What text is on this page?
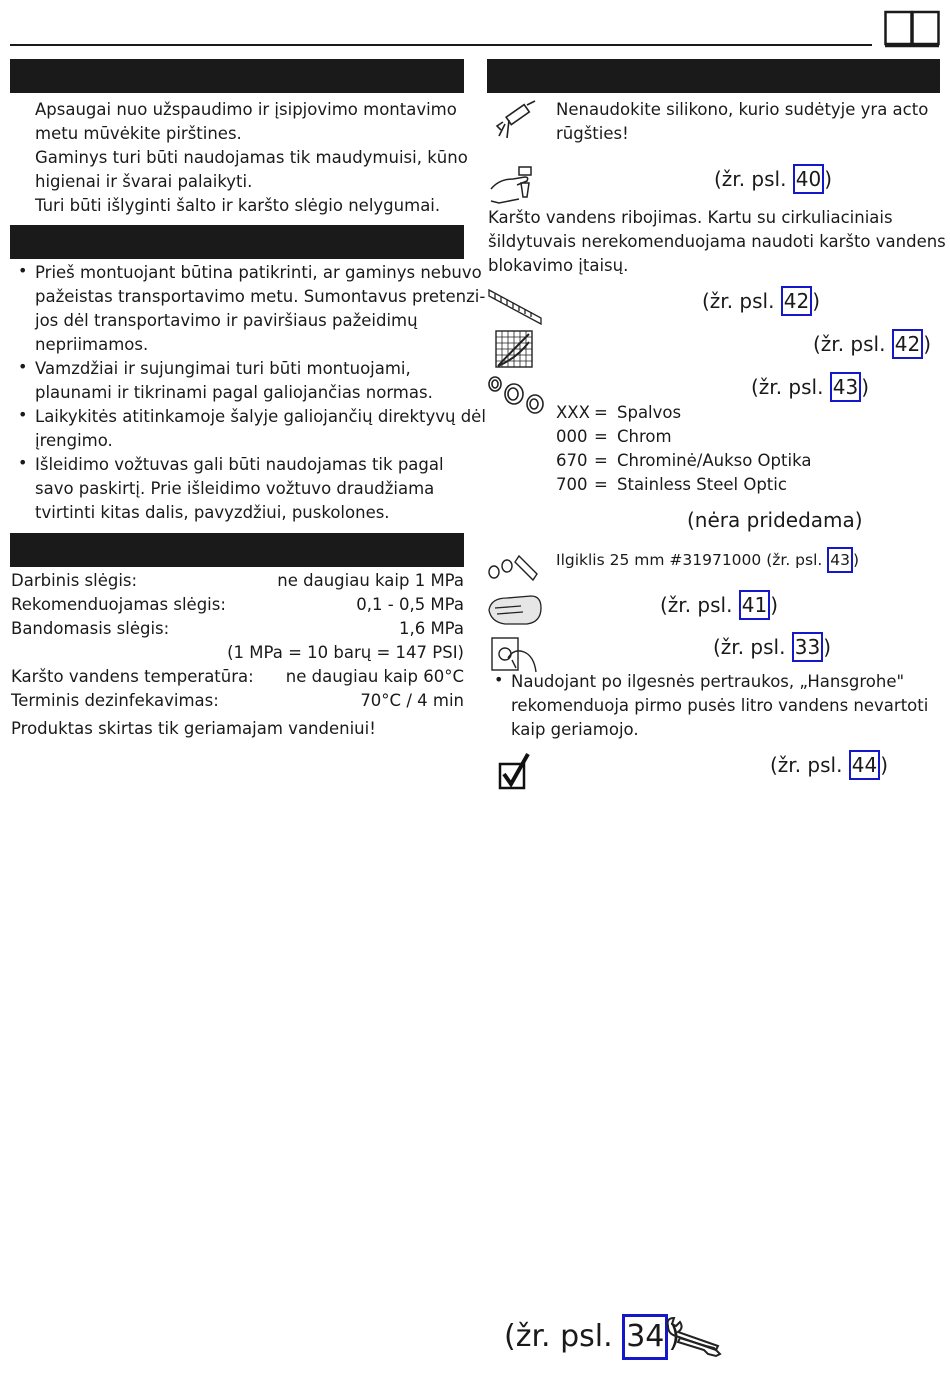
Apsaugai nuo užspaudimo ir įsipjovimo montavimo
metu mūvėkite pirštines.
Gaminys turi būti naudojamas tik maudymuisi, kūno
higienai ir švarai palaikyti.
Turi būti išlyginti šalto ir karšto slėgio nelygumai.
• Prieš montuojant būtina patikrinti, ar gaminys nebuvo
pažeistas transportavimo metu. Sumontavus pretenzi-
jos dėl transportavimo ir paviršiaus pažeidimų
nepriimamos.
• Vamzdžiai ir sujungimai turi būti montuojami,
plaunami ir tikrinami pagal galiojančias normas.
• Laikykitės atitinkamoje šalyje galiojančių direktyvų dėl
įrengimo.
• Išleidimo vožtuvas gali būti naudojamas tik pagal
savo paskirtį. Prie išleidimo vožtuvo draudžiama
tvirtinti kitas dalis, pavyzdžiui, puskolones.
Darbinis slėgis:	ne daugiau kaip 1 MPa
Rekomenduojamas slėgis:	0,1 - 0,5 MPa
Bandomasis slėgis:	1,6 MPa
(1 MPa = 10 barų = 147 PSI)
Karšto vandens temperatūra: ne daugiau kaip 60°C
Terminis dezinfekavimas:	70°C / 4 min
Produktas skirtas tik geriamajam vandeniui!
Nenaudokite silikono, kurio sudėtyje yra acto
rūgšties!
(žr. psl. 40 )
Karšto vandens ribojimas. Kartu su cirkuliaciniais
šildytuvais nerekomenduojama naudoti karšto vandens
blokavimo įtaisų.
(žr. psl. 42 )
(žr. psl. 42 )
(žr. psl. 43 )
XXX = Spalvos
000 = Chrom
670 = Chrominė/Aukso Optika
700 = Stainless Steel Optic
(nėra pridedama)
Ilgiklis 25 mm #31971000 (žr. psl. 43 )
(žr. psl. 41 )
(žr. psl. 33 )
• Naudojant po ilgesnės pertraukos, „Hansgrohe"
rekomenduoja pirmo pusės litro vandens nevartoti
kaip geriamojo.
(žr. psl. 44 )
(žr. psl. 34 )
